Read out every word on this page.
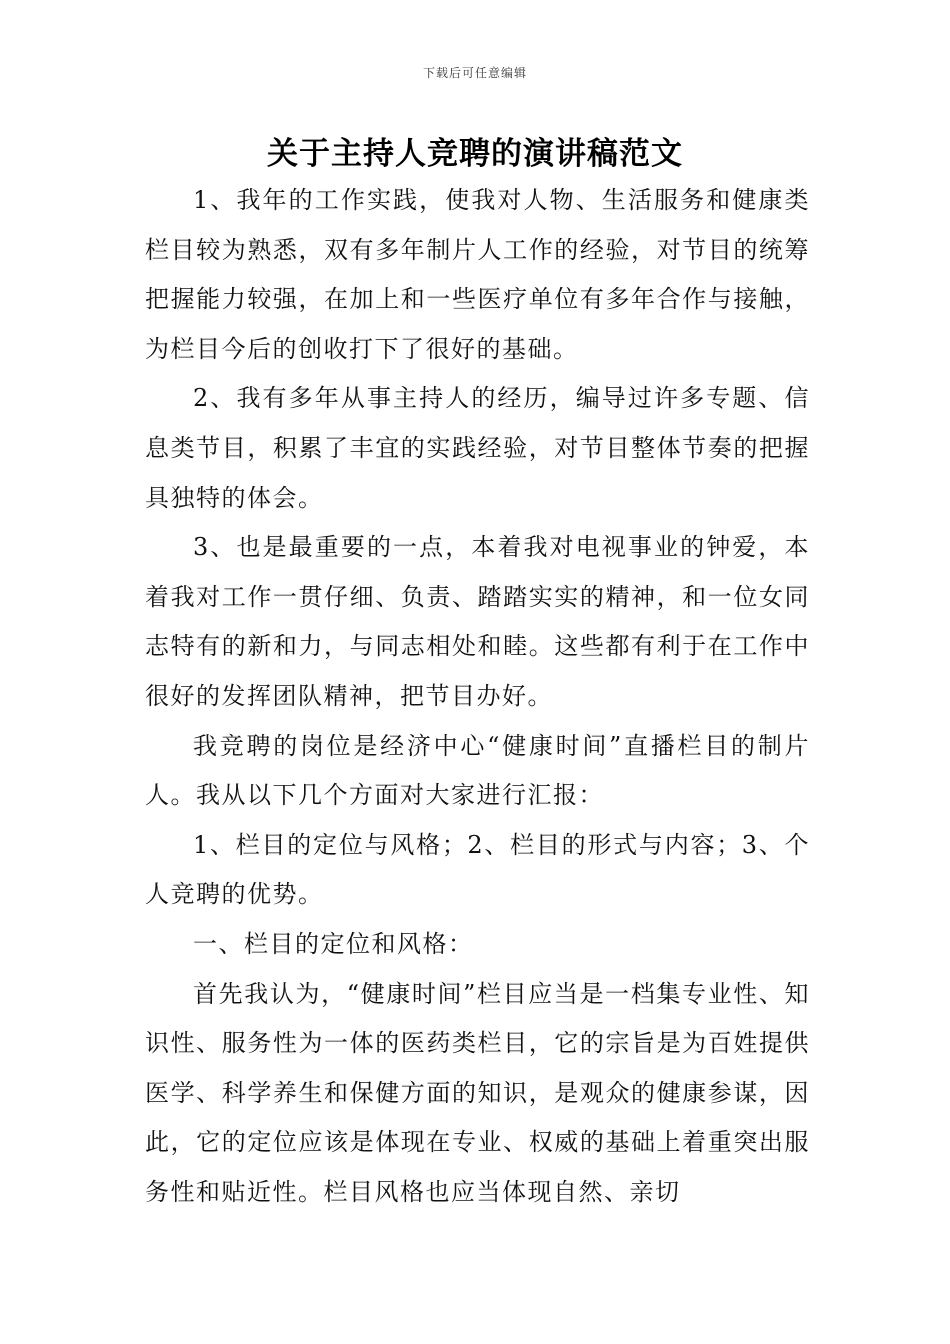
下载后可任意编辑
关于主持人竞聘的演讲稿范文

1、我年的工作实践，使我对人物、生活服务和健康类栏目较为熟悉，双有多年制片人工作的经验，对节目的统筹把握能力较强，在加上和一些医疗单位有多年合作与接触，为栏目今后的创收打下了很好的基础。

2、我有多年从事主持人的经历，编导过许多专题、信息类节目，积累了丰宜的实践经验，对节目整体节奏的把握具独特的体会。

3、也是最重要的一点，本着我对电视事业的钟爱，本着我对工作一贯仔细、负责、踏踏实实的精神，和一位女同志特有的新和力，与同志相处和睦。这些都有利于在工作中很好的发挥团队精神，把节目办好。

我竞聘的岗位是经济中心“健康时间”直播栏目的制片人。我从以下几个方面对大家进行汇报：

1、栏目的定位与风格；2、栏目的形式与内容；3、个人竞聘的优势。

一、栏目的定位和风格：

首先我认为，“健康时间”栏目应当是一档集专业性、知识性、服务性为一体的医药类栏目，它的宗旨是为百姓提供医学、科学养生和保健方面的知识，是观众的健康参谋，因此，它的定位应该是体现在专业、权威的基础上着重突出服务性和贴近性。栏目风格也应当体现自然、亲切
